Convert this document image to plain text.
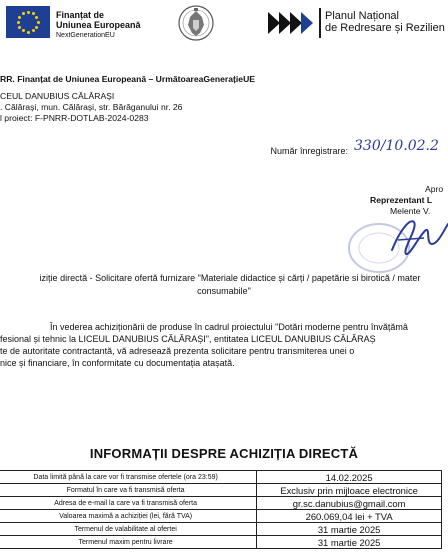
Finanțat de
Uniunea Europeană
NextGenerationEU
Planul Național
de Redresare și Rezilien
RR. Finanțat de Uniunea Europeană – UrmătoareaGenerațieUE
CEUL DANUBIUS CĂLĂRAȘI
. Călărași, mun. Călărași, str. Bărăganului nr. 26
l proiect: F-PNRR-DOTLAB-2024-0283
Număr înregistrare: 330/10.02.2
Apro
Reprezentant L
Melente V.
iziție directă - Solicitare ofertă furnizare "Materiale didactice și cărți / papetărie si birotică / mater
consumabile"
În vederea achiziționării de produse în cadrul proiectului "Dotări moderne pentru învățămâ
fesional și tehnic la LICEUL DANUBIUS CĂLĂRAȘI", entitatea LICEUL DANUBIUS CĂLĂRAȘ
te de autoritate contractantă, vă adresează prezenta solicitare pentru transmiterea unei o
nice și financiare, în conformitate cu documentația atașată.
INFORMAȚII DESPRE ACHIZIȚIA DIRECTĂ
Data limită până la care vor fi transmise ofertele (ora 23:59)	14.02.2025
Formatul în care va fi transmisă oferta	Exclusiv prin mijloace electronice
Adresa de e-mail la care va fi transmisă oferta	gr.sc.danubius@gmail.com
Valoarea maximă a achiziției (lei, fără TVA)	260.069,04 lei + TVA
Termenul de valabilitate al ofertei	31 martie 2025
Termenul maxim pentru livrare	31 martie 2025
